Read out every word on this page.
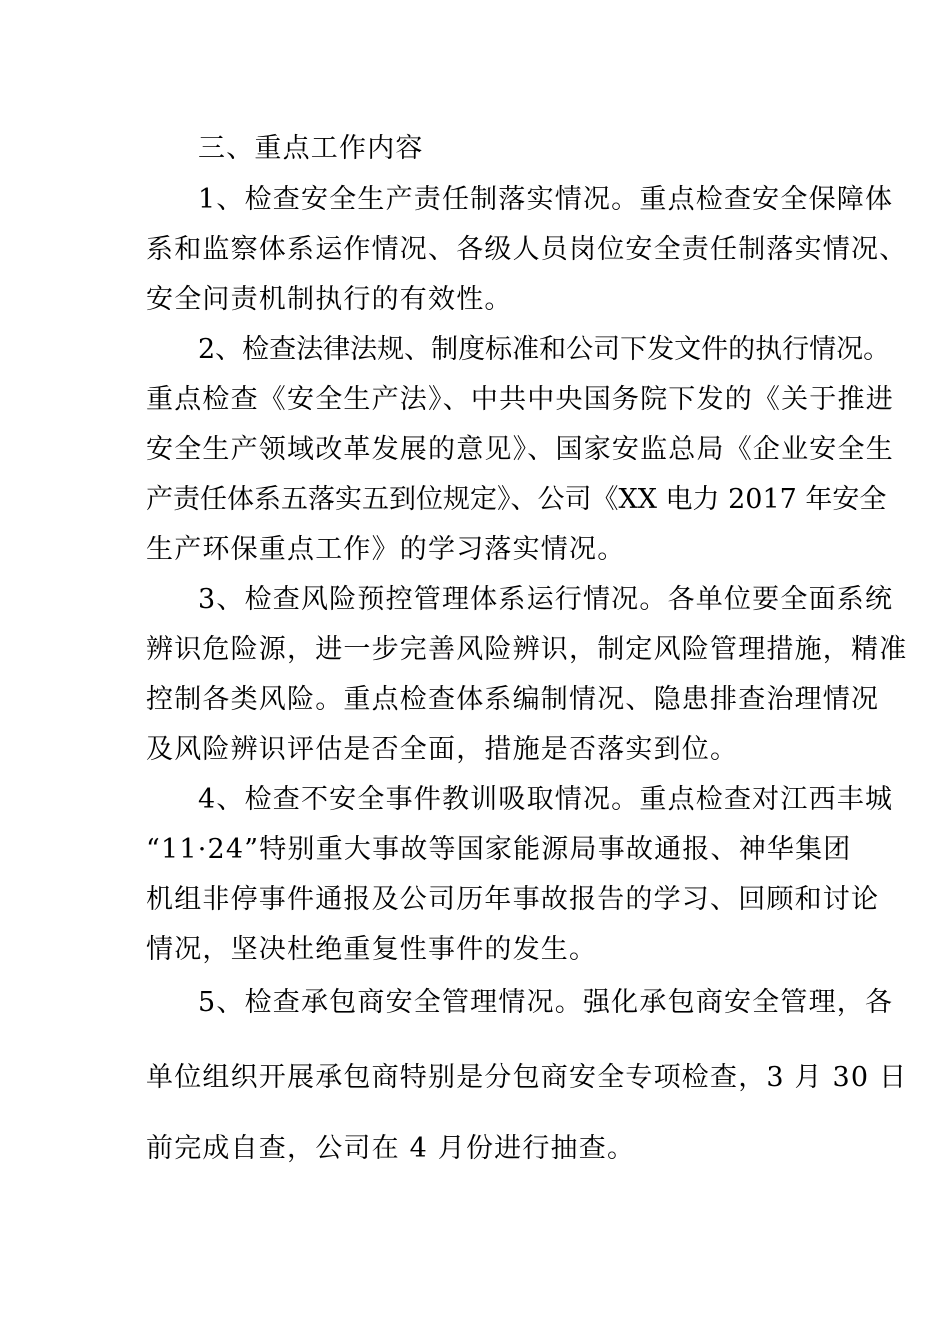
三、重点工作内容
1、检查安全生产责任制落实情况。重点检查安全保障体
系和监察体系运作情况、各级人员岗位安全责任制落实情况、
安全问责机制执行的有效性。
2、检查法律法规、制度标准和公司下发文件的执行情况。
重点检查《安全生产法》、中共中央国务院下发的《关于推进
安全生产领域改革发展的意见》、国家安监总局《企业安全生
产责任体系五落实五到位规定》、公司《XX 电力 2017 年安全
生产环保重点工作》的学习落实情况。
3、检查风险预控管理体系运行情况。各单位要全面系统
辨识危险源，进一步完善风险辨识，制定风险管理措施，精准
控制各类风险。重点检查体系编制情况、隐患排查治理情况
及风险辨识评估是否全面，措施是否落实到位。
4、检查不安全事件教训吸取情况。重点检查对江西丰城
“11·24”特别重大事故等国家能源局事故通报、神华集团
机组非停事件通报及公司历年事故报告的学习、回顾和讨论
情况，坚决杜绝重复性事件的发生。
5、检查承包商安全管理情况。强化承包商安全管理，各
单位组织开展承包商特别是分包商安全专项检查，3 月 30 日
前完成自查，公司在 4 月份进行抽查。
